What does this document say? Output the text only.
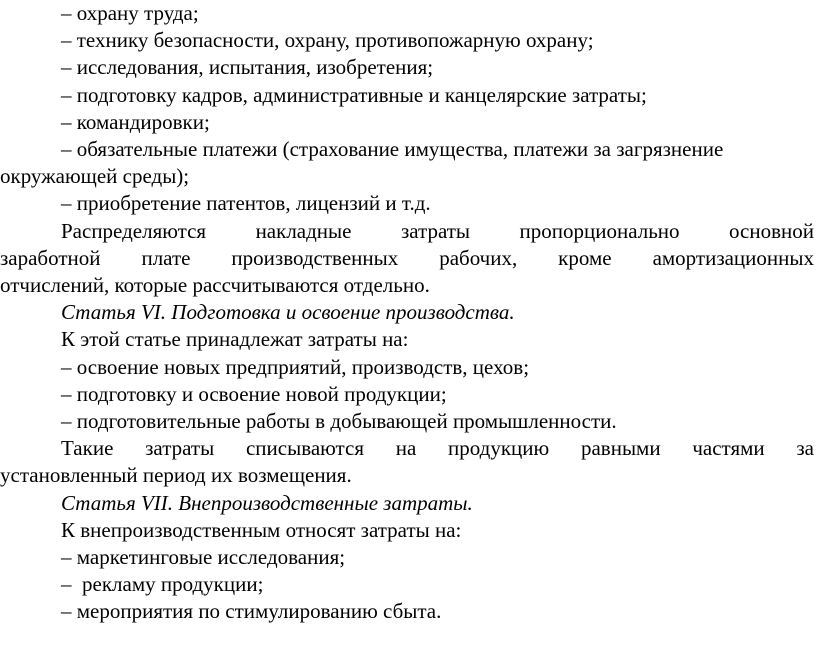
– охрану труда;

– технику безопасности, охрану, противопожарную охрану;

– исследования, испытания, изобретения;

– подготовку кадров, административные и канцелярские затраты;

– командировки;

– обязательные платежи (страхование имущества, платежи за загрязнение

окружающей среды);

– приобретение патентов, лицензий и т.д.

Распределяются накладные затраты пропорционально основной

заработной плате производственных рабочих, кроме амортизационных

отчислений, которые рассчитываются отдельно.

Статья VI. Подготовка и освоение производства.

К этой статье принадлежат затраты на:

– освоение новых предприятий, производств, цехов;

– подготовку и освоение новой продукции;

– подготовительные работы в добывающей промышленности.

Такие затраты списываются на продукцию равными частями за

установленный период их возмещения.

Статья VII. Внепроизводственные затраты.

К внепроизводственным относят затраты на:

– маркетинговые исследования;

–  рекламу продукции;

– мероприятия по стимулированию сбыта.
